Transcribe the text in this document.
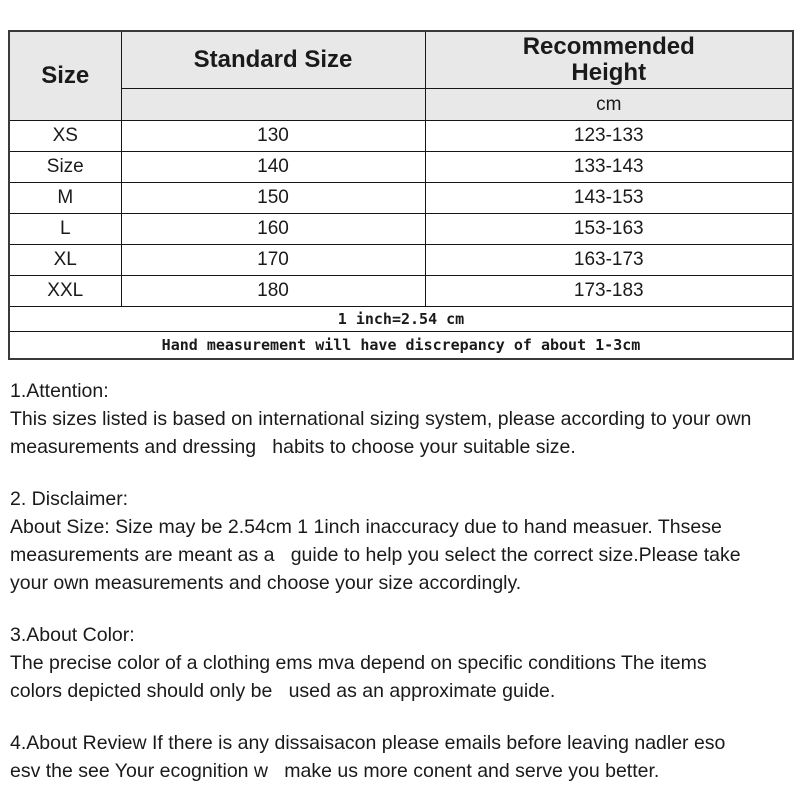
Size	Standard Size	Recommended Height

		cm
XS	130	123-133
Size	140	133-143
M	150	143-153
L	160	153-163
XL	170	163-173
XXL	180	173-183
1 inch=2.54 cm		
Hand measurement will have discrepancy of about 1-3cm		
1.Attention:
This sizes listed is based on international sizing system, please according to your own
measurements and dressing   habits to choose your suitable size.
2. Disclaimer:
About Size: Size may be 2.54cm 1 1inch inaccuracy due to hand measuer. Thsese
measurements are meant as a   guide to help you select the correct size.Please take
your own measurements and choose your size accordingly.
3.About Color:
The precise color of a clothing ems mva depend on specific conditions The items
colors depicted should only be   used as an approximate guide.
4.About Review If there is any dissaisacon please emails before leaving nadler eso
esv the see Your ecognition w   make us more conent and serve you better.
